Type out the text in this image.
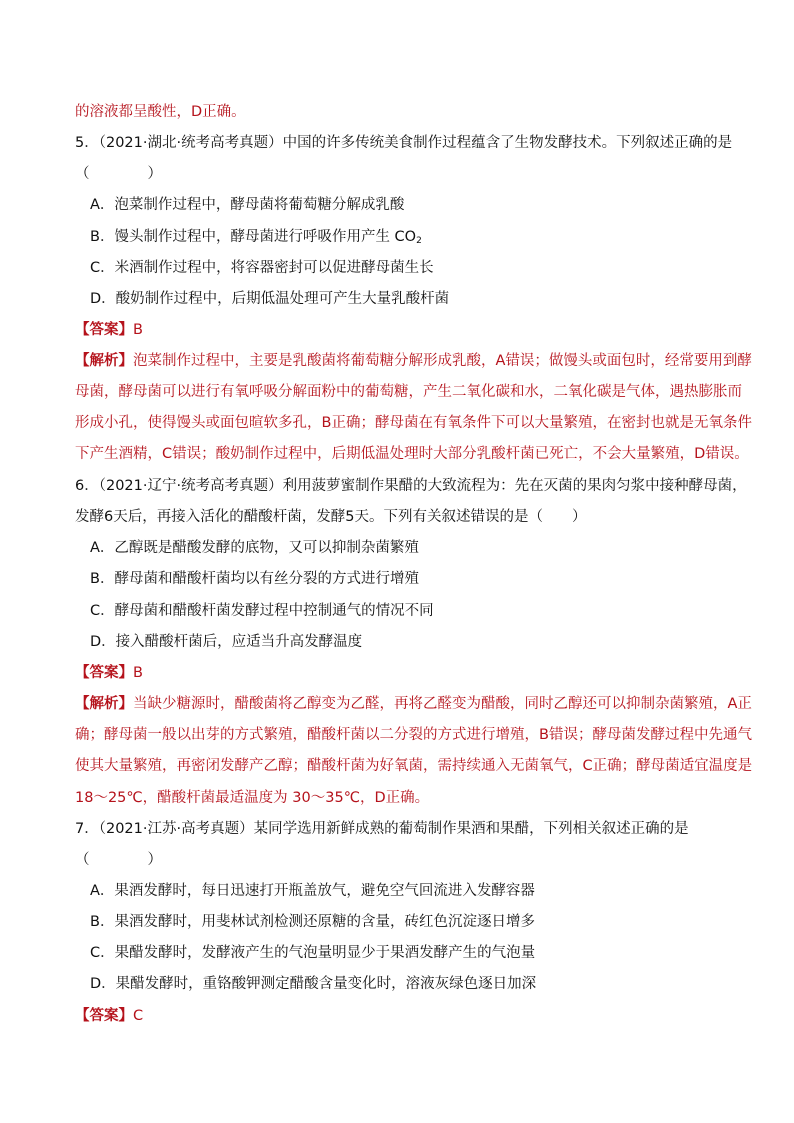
的溶液都呈酸性，D正确。
5．（2021·湖北·统考高考真题）中国的许多传统美食制作过程蕴含了生物发酵技术。下列叙述正确的是
（　　　　）
A．泡菜制作过程中，酵母菌将葡萄糖分解成乳酸
B．馒头制作过程中，酵母菌进行呼吸作用产生 $CO_2$
C．米酒制作过程中，将容器密封可以促进酵母菌生长
D．酸奶制作过程中，后期低温处理可产生大量乳酸杆菌
【答案】B
【解析】泡菜制作过程中，主要是乳酸菌将葡萄糖分解形成乳酸，A错误；做馒头或面包时，经常要用到酵
母菌，酵母菌可以进行有氧呼吸分解面粉中的葡萄糖，产生二氧化碳和水，二氧化碳是气体，遇热膨胀而
形成小孔，使得馒头或面包暄软多孔，B正确；酵母菌在有氧条件下可以大量繁殖，在密封也就是无氧条件
下产生酒精，C错误；酸奶制作过程中，后期低温处理时大部分乳酸杆菌已死亡，不会大量繁殖，D错误。
6．（2021·辽宁·统考高考真题）利用菠萝蜜制作果醋的大致流程为：先在灭菌的果肉匀浆中接种酵母菌，
发酵6天后，再接入活化的醋酸杆菌，发酵5天。下列有关叙述错误的是（　　）
A．乙醇既是醋酸发酵的底物，又可以抑制杂菌繁殖
B．酵母菌和醋酸杆菌均以有丝分裂的方式进行增殖
C．酵母菌和醋酸杆菌发酵过程中控制通气的情况不同
D．接入醋酸杆菌后，应适当升高发酵温度
【答案】B
【解析】当缺少糖源时，醋酸菌将乙醇变为乙醛，再将乙醛变为醋酸，同时乙醇还可以抑制杂菌繁殖，A正
确；酵母菌一般以出芽的方式繁殖，醋酸杆菌以二分裂的方式进行增殖，B错误；酵母菌发酵过程中先通气
使其大量繁殖，再密闭发酵产乙醇；醋酸杆菌为好氧菌，需持续通入无菌氧气，C正确；酵母菌适宜温度是
18～25℃，醋酸杆菌最适温度为 30～35℃，D正确。
7．（2021·江苏·高考真题）某同学选用新鲜成熟的葡萄制作果酒和果醋，下列相关叙述正确的是
（　　　　）
A．果酒发酵时，每日迅速打开瓶盖放气，避免空气回流进入发酵容器
B．果酒发酵时，用斐林试剂检测还原糖的含量，砖红色沉淀逐日增多
C．果醋发酵时，发酵液产生的气泡量明显少于果酒发酵产生的气泡量
D．果醋发酵时，重铬酸钾测定醋酸含量变化时，溶液灰绿色逐日加深
【答案】C
